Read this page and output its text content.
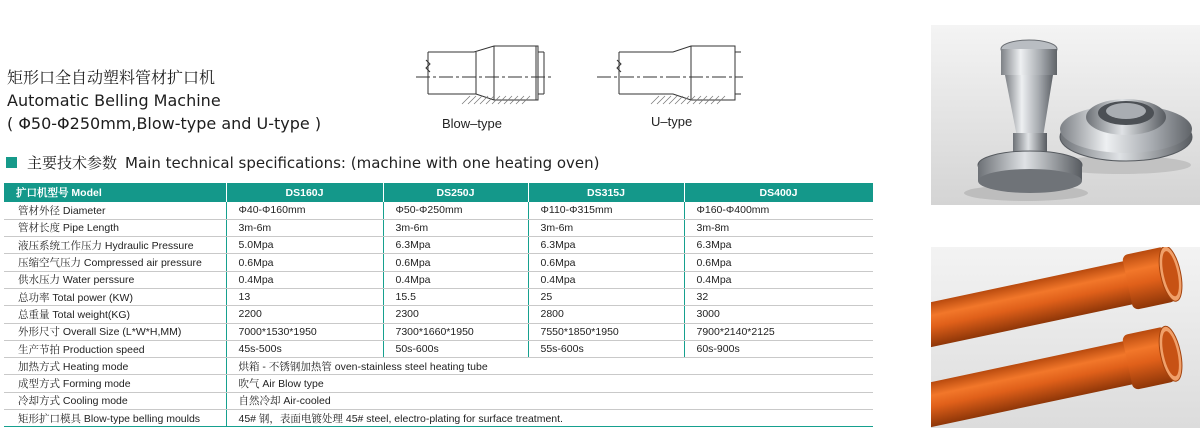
矩形口全自动塑料管材扩口机
Automatic Belling Machine
( Φ50-Φ250mm,Blow-type and U-type )	Blow–type	U–type
主要技术参数 Main technical specifications: (machine with one heating oven)
扩口机型号 Model	DS160J	DS250J	DS315J	DS400J
管材外径 Diameter	Φ40-Φ160mm	Φ50-Φ250mm	Φ110-Φ315mm	Φ160-Φ400mm
管材长度 Pipe Length	3m-6m	3m-6m	3m-6m	3m-8m
液压系统工作压力 Hydraulic Pressure	5.0Mpa	6.3Mpa	6.3Mpa	6.3Mpa
压缩空气压力 Compressed air pressure	0.6Mpa	0.6Mpa	0.6Mpa	0.6Mpa
供水压力 Water perssure	0.4Mpa	0.4Mpa	0.4Mpa	0.4Mpa
总功率 Total power (KW)	13	15.5	25	32
总重量 Total weight(KG)	2200	2300	2800	3000
外形尺寸 Overall Size (L*W*H,MM)	7000*1530*1950	7300*1660*1950	7550*1850*1950	7900*2140*2125
生产节拍 Production speed	45s-500s	50s-600s	55s-600s	60s-900s
加热方式 Heating mode	烘箱 - 不锈钢加热管 oven-stainless steel heating tube			
成型方式 Forming mode	吹气 Air Blow type			
冷却方式 Cooling mode	自然冷却 Air-cooled			
矩形扩口模具 Blow-type belling moulds	45# 钢，表面电镀处理 45# steel, electro-plating for surface treatment.			
